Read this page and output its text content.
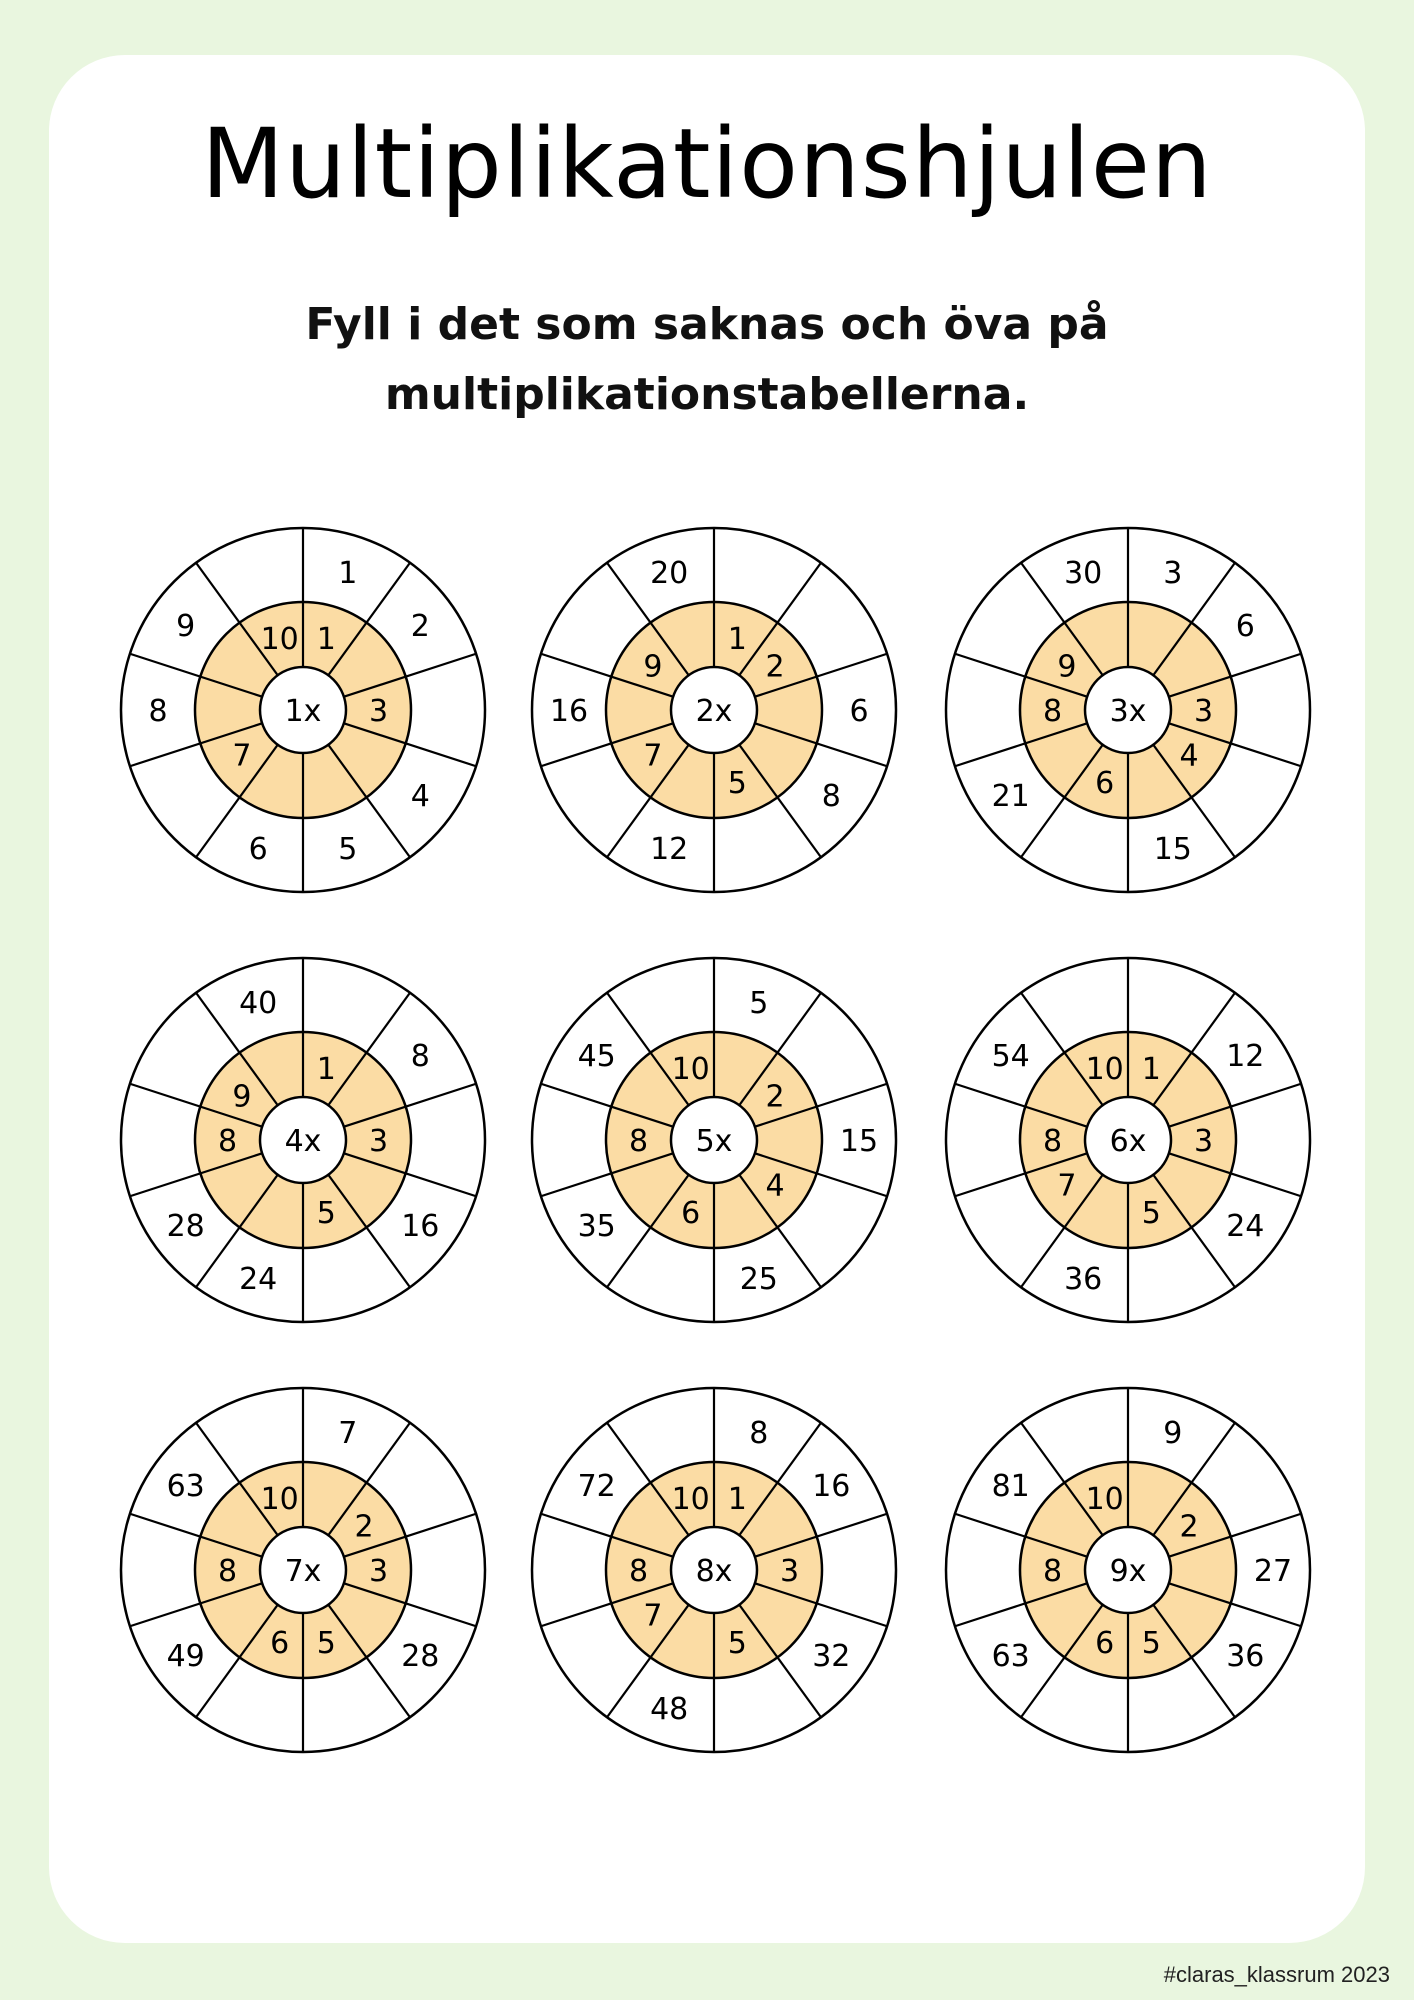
Multiplikationshjulen
Fyll i det som saknas och öva på
multiplikationstabellerna.
1x
1
1
2
3
4
5
6
7
8
9 10
2x
1
2
6
8
5
12
7
16
9
20
3x
3
6
3
4
15
6
21
8
9
30
4x
1 8
3
16
5
24
28
8
9
40
5x
5
2
15
4
25
6
35
8
45 10
6x
1 12
3
24
5
36
7
8
54 10
7x
7
2
3
28
5
6
49
8
63 10
8x
1
8
16
3
32
5
48
7
8
72 10
9x
9
2
27
36
5
6
63
8
81 10
#claras_klassrum 2023
